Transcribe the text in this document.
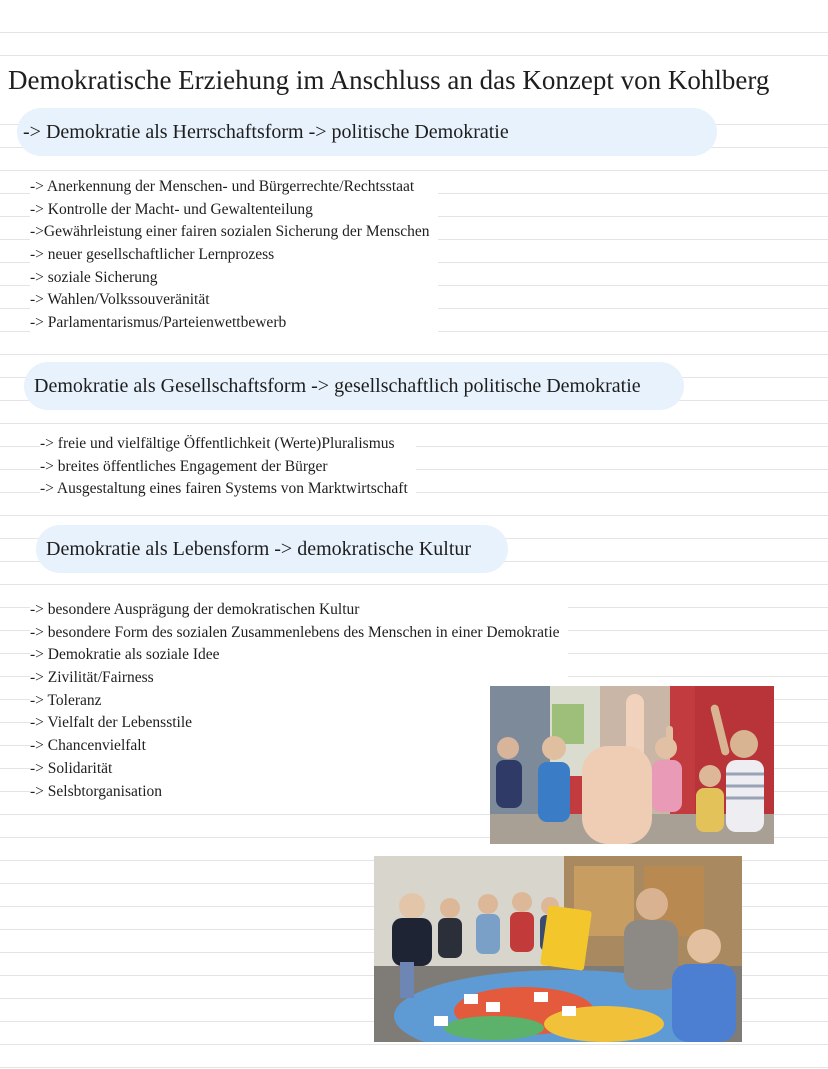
Demokratische Erziehung im Anschluss an das Konzept von Kohlberg
-> Demokratie als Herrschaftsform -> politische Demokratie
-> Anerkennung der Menschen- und Bürgerrechte/Rechtsstaat
-> Kontrolle der Macht- und Gewaltenteilung
->Gewährleistung einer fairen sozialen Sicherung der Menschen
-> neuer gesellschaftlicher Lernprozess
-> soziale Sicherung
-> Wahlen/Volkssouveränität
-> Parlamentarismus/Parteienwettbewerb
Demokratie als Gesellschaftsform -> gesellschaftlich politische Demokratie
-> freie und vielfältige Öffentlichkeit (Werte)Pluralismus
-> breites öffentliches Engagement der Bürger
-> Ausgestaltung eines fairen Systems von Marktwirtschaft
Demokratie als Lebensform -> demokratische Kultur
-> besondere Ausprägung der demokratischen Kultur
-> besondere Form des sozialen Zusammenlebens des Menschen in einer Demokratie
-> Demokratie als soziale Idee
-> Zivilität/Fairness
-> Toleranz
-> Vielfalt der Lebensstile
-> Chancenvielfalt
-> Solidarität
-> Selsbtorganisation
